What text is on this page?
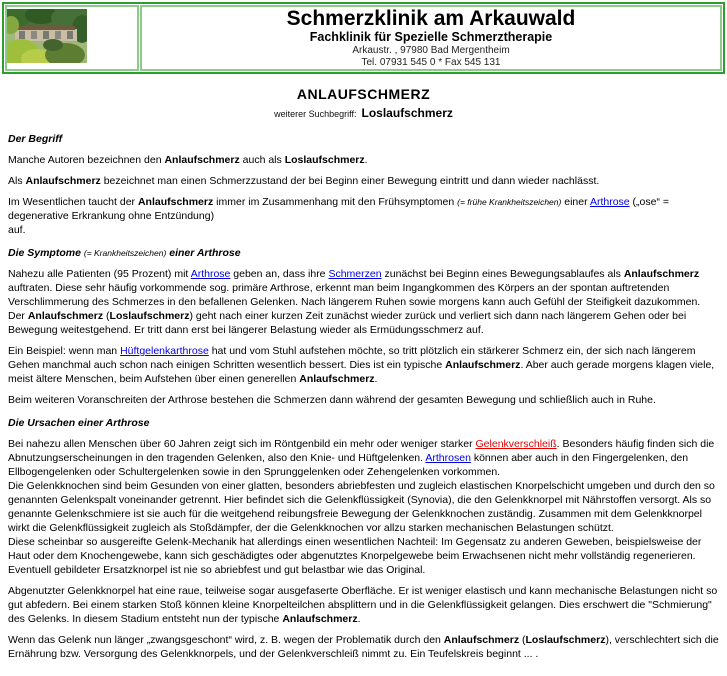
Schmerzklinik am Arkauwald
Fachklinik für Spezielle Schmerztherapie
Arkaustr. , 97980 Bad Mergentheim
Tel. 07931 545 0 * Fax 545 131
ANLAUFSCHMERZ
weiterer Suchbegriff: Loslaufschmerz

Der Begriff

Manche Autoren bezeichnen den Anlaufschmerz auch als Loslaufschmerz.

Als Anlaufschmerz bezeichnet man einen Schmerzzustand der bei Beginn einer Bewegung eintritt und dann wieder nachlässt.

Im Wesentlichen taucht der Anlaufschmerz immer im Zusammenhang mit den Frühsymptomen (= frühe Krankheitszeichen) einer Arthrose („ose“ = degenerative Erkrankung ohne Entzündung)
auf.

Die Symptome (= Krankheitszeichen) einer Arthrose

Nahezu alle Patienten (95 Prozent) mit Arthrose geben an, dass ihre Schmerzen zunächst bei Beginn eines Bewegungsablaufes als Anlaufschmerz auftraten. Diese sehr häufig vorkommende sog. primäre Arthrose, erkennt man beim Ingangkommen des Körpers an der spontan auftretenden Verschlimmerung des Schmerzes in den befallenen Gelenken. Nach längerem Ruhen sowie morgens kann auch Gefühl der Steifigkeit dazukommen. Der Anlaufschmerz (Loslaufschmerz) geht nach einer kurzen Zeit zunächst wieder zurück und verliert sich dann nach längerem Gehen oder bei Bewegung weitestgehend. Er tritt dann erst bei längerer Belastung wieder als Ermüdungsschmerz auf.

Ein Beispiel: wenn man Hüftgelenkarthrose hat und vom Stuhl aufstehen möchte, so tritt plötzlich ein stärkerer Schmerz ein, der sich nach längerem Gehen manchmal auch schon nach einigen Schritten wesentlich bessert. Dies ist ein typische Anlaufschmerz. Aber auch gerade morgens klagen viele, meist ältere Menschen, beim Aufstehen über einen generellen Anlaufschmerz.

Beim weiteren Voranschreiten der Arthrose bestehen die Schmerzen dann während der gesamten Bewegung und schließlich auch in Ruhe.

Die Ursachen einer Arthrose

Bei nahezu allen Menschen über 60 Jahren zeigt sich im Röntgenbild ein mehr oder weniger starker Gelenkverschleiß. Besonders häufig finden sich die Abnutzungserscheinungen in den tragenden Gelenken, also den Knie- und Hüftgelenken. Arthrosen können aber auch in den Fingergelenken, den Ellbogengelenken oder Schultergelenken sowie in den Sprunggelenken oder Zehengelenken vorkommen.
Die Gelenkknochen sind beim Gesunden von einer glatten, besonders abriebfesten und zugleich elastischen Knorpelschicht umgeben und durch den so genannten Gelenkspalt voneinander getrennt. Hier befindet sich die Gelenkflüssigkeit (Synovia), die den Gelenkknorpel mit Nährstoffen versorgt. Als so genannte Gelenkschmiere ist sie auch für die weitgehend reibungsfreie Bewegung der Gelenkknochen zuständig. Zusammen mit dem Gelenkknorpel wirkt die Gelenkflüssigkeit zugleich als Stoßdämpfer, der die Gelenkknochen vor allzu starken mechanischen Belastungen schützt.
Diese scheinbar so ausgereifte Gelenk-Mechanik hat allerdings einen wesentlichen Nachteil: Im Gegensatz zu anderen Geweben, beispielsweise der Haut oder dem Knochengewebe, kann sich geschädigtes oder abgenutztes Knorpelgewebe beim Erwachsenen nicht mehr vollständig regenerieren. Eventuell gebildeter Ersatzknorpel ist nie so abriebfest und gut belastbar wie das Original.

Abgenutzter Gelenkknorpel hat eine raue, teilweise sogar ausgefaserte Oberfläche. Er ist weniger elastisch und kann mechanische Belastungen nicht so gut abfedern. Bei einem starken Stoß können kleine Knorpelteilchen absplittern und in die Gelenkflüssigkeit gelangen. Dies erschwert die "Schmierung" des Gelenks. In diesem Stadium entsteht nun der typische Anlaufschmerz.

Wenn das Gelenk nun länger „zwangsgeschont“ wird, z. B. wegen der Problematik durch den Anlaufschmerz (Loslaufschmerz), verschlechtert sich die Ernährung bzw. Versorgung des Gelenkknorpels, und der Gelenkverschleiß nimmt zu. Ein Teufelskreis beginnt ... .
